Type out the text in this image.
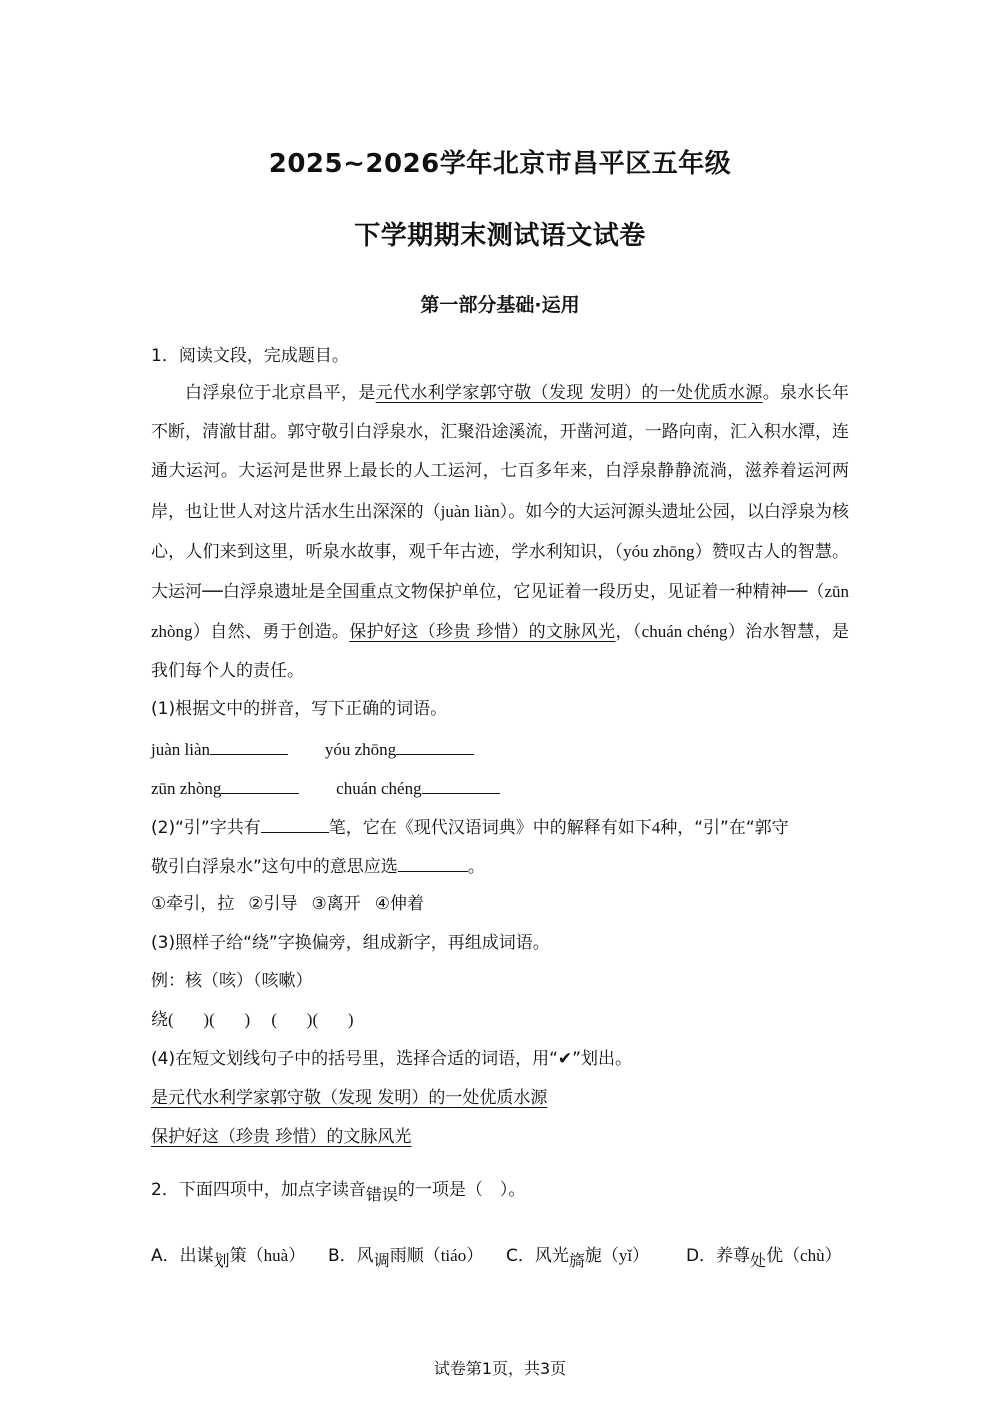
2025~2026学年北京市昌平区五年级
下学期期末测试语文试卷
第一部分基础·运用
1．阅读文段，完成题目。

白浮泉位于北京昌平，是元代水利学家郭守敬（发现 发明）的一处优质水源。泉水长年不断，清澈甘甜。郭守敬引白浮泉水，汇聚沿途溪流，开凿河道，一路向南，汇入积水潭，连通大运河。大运河是世界上最长的人工运河，七百多年来，白浮泉静静流淌，滋养着运河两岸，也让世人对这片活水生出深深的（juàn liàn）。如今的大运河源头遗址公园，以白浮泉为核心，人们来到这里，听泉水故事，观千年古迹，学水利知识，（yóu zhōng）赞叹古人的智慧。大运河──白浮泉遗址是全国重点文物保护单位，它见证着一段历史，见证着一种精神──（zūn zhòng）自然、勇于创造。保护好这（珍贵 珍惜）的文脉风光，（chuán chéng）治水智慧，是我们每个人的责任。

(1)根据文中的拼音，写下正确的词语。
juàn liàn	yóu zhōng
zūn zhòng	chuán chéng
(2)“引”字共有	笔，它在《现代汉语词典》中的解释有如下4种，“引”在“郭守
敬引白浮泉水”这句中的意思应选	。
①牵引，拉 ②引导 ③离开 ④伸着
(3)照样子给“绕”字换偏旁，组成新字，再组成词语。
例：核（咳）（咳嗽）
绕(       )(       )     (       )(       )
(4)在短文划线句子中的括号里，选择合适的词语，用“✔”划出。
是元代水利学家郭守敬（发现 发明）的一处优质水源
保护好这（珍贵 珍惜）的文脉风光
2．下面四项中，加点字读音错误的一项是（　）。
A．出谋划策（huà） B．风调雨顺（tiáo） C．风光旖旎（yǐ） D．养尊处优（chù）
试卷第1页，共3页
